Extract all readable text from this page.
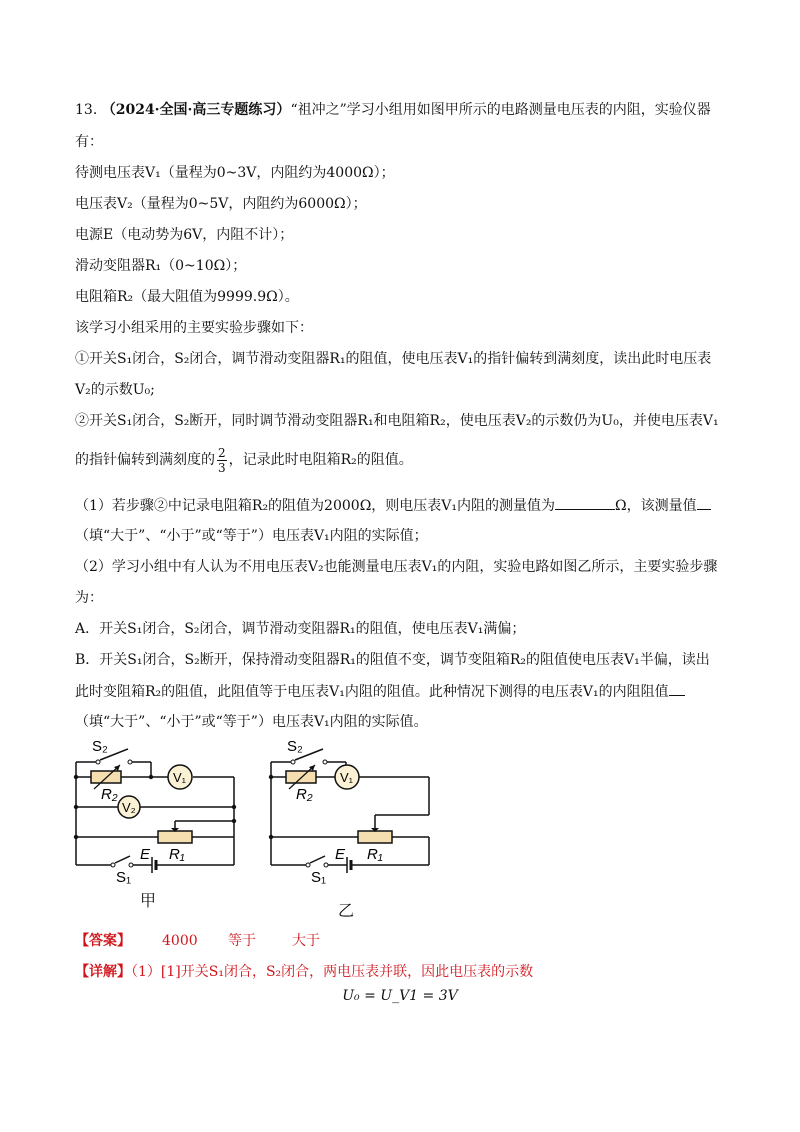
13. （2024·全国·高三专题练习）“祖冲之”学习小组用如图甲所示的电路测量电压表的内阻，实验仪器
有：
待测电压表V₁（量程为0~3V，内阻约为4000Ω）；
电压表V₂（量程为0~5V，内阻约为6000Ω）；
电源E（电动势为6V，内阻不计）；
滑动变阻器R₁（0~10Ω）；
电阻箱R₂（最大阻值为9999.9Ω）。
该学习小组采用的主要实验步骤如下：
①开关S₁闭合，S₂闭合，调节滑动变阻器R₁的阻值，使电压表V₁的指针偏转到满刻度，读出此时电压表
V₂的示数U₀;
②开关S₁闭合，S₂断开，同时调节滑动变阻器R₁和电阻箱R₂，使电压表V₂的示数仍为U₀，并使电压表V₁
的指针偏转到满刻度的 $\frac{2}{3}$ ，记录此时电阻箱R₂的阻值。
（1）若步骤②中记录电阻箱R₂的阻值为2000Ω，则电压表V₁内阻的测量值为	Ω，该测量值
（填“大于”、“小于”或“等于”）电压表V₁内阻的实际值；
（2）学习小组中有人认为不用电压表V₂也能测量电压表V₁的内阻，实验电路如图乙所示，主要实验步骤
为：
A．开关S₁闭合，S₂闭合，调节滑动变阻器R₁的阻值，使电压表V₁满偏；
B．开关S₁闭合，S₂断开，保持滑动变阻器R₁的阻值不变，调节变阻箱R₂的阻值使电压表V₁半偏，读出
此时变阻箱R₂的阻值，此阻值等于电压表V₁内阻的阻值。此种情况下测得的电压表V₁的内阻阻值
（填“大于”、“小于”或“等于”）电压表V₁内阻的实际值。
S₂
R₂
V₁
V₂
E R₁
S₁
甲
S₂
R₂
V₁
E R₁
S₁
乙
【答案】 4000 等于	大于
【详解】（1）[1]开关S₁闭合，S₂闭合，两电压表并联，因此电压表的示数
U₀ = U_V1 = 3V
